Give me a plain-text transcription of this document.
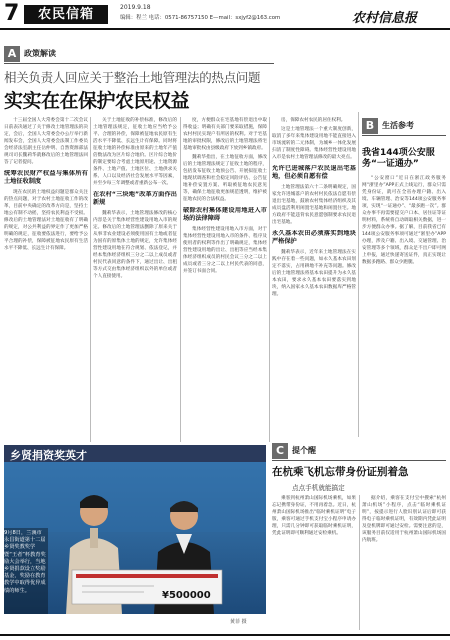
7	农民信箱	2019.9.18
编辑：程兰 电话：0571-86757150 E—mail：sxjyf2@163.com	农村信息报
A 政策解读
相关负责人回应关于整治土地管理法的热点问题
实实在在保护农民权益
十三届全国人大常委会第十二次会议日前表决通过了关于修改土地管理法的决定，会后，全国人大常委会办公厅举行新闻发布会，全国人大常委会法制工作委员会经济法室副主任岳仲明、自然资源部法规司司长魏莉华就修改后的土地管理法回答了记者提问。
统筹农民财产权益与集体所有土地征收制度
现在农民的土地权益问题是群众关注的热点问题，对于农村土地征收工作的改革，目前中央确定的改革方向是，坚持土地公有制不动摇，坚持农民利益不受损。修改后的土地管理法对土地征收有了明确的规定，对公共利益的界定作了更加严格明确的规定，征收要依法进行，要给予公平合理的补偿，保障被征地农民原有生活水平不降低、长远生计有保障。
关于土地征收的补偿标准，修改后的土地管理法规定，征收土地应当给予公平、合理的补偿，保障被征地农民原有生活水平不降低、长远生计有保障。同时将征收土地的补偿标准由原来的土地年产值倍数法改为区片综合地价。区片综合地价的制定要综合考虑土地原用途、土地资源条件、土地产值、土地区位、土地供求关系、人口以及经济社会发展水平等因素，并至少每三年调整或者重新公布一次。
在农村“三块地”改革方面作出新规
魏莉华表示，土地管理法修改的核心内容是关于集体经营性建设用地入市的规定。修改后的土地管理法删除了原来关于从事非农业建设必须使用国有土地或者征为国有的原集体土地的规定，允许集体经营性建设用地在符合规划、依法登记，并经本集体经济组织三分之二以上成员或者村民代表同意的条件下，通过出让、出租等方式交由集体经济组织以外的单位或者个人直接使用。
度，方便群众在宅基地有偿退出中取得收益；明确有关部门要采取措施，保障农村村民实现户有所居的权利。对于宅基地的审批权限，修改后的土地管理法将宅基地审批权由县级政府下放到乡镇政府。
魏莉华指出，在土地征收方面，修改后的土地管理法规定了征收土地的程序，包括发布征收土地预公告、开展拟征收土地现状调查和社会稳定风险评估、公告征地补偿安置方案、听取被征地农民意见等，确保土地征收更加规范透明，维护被征地农民的合法权益。
破除农村集体建设用地进入市场的法律障碍
集体经营性建设用地入市方面，对于集体经营性建设用地入市的条件、程序及使用者的权利等作出了明确规定，集体经营性建设用地的出让、出租等应当经本集体经济组织成员的村民会议三分之二以上成员或者三分之二以上村民代表的同意，并签订书面合同。
房，保障农村农民的居住权利。
这是土地管理法一个重大制度创新，取消了多年来集体建设用地不能直接进入市场流转的二元体制，为城乡一体化发展扫清了制度性障碍。集体经营性建设用地入市是农村土地管理法修改的最大亮点。
允许已进城落户农民退出宅基地，但必须自愿有偿
土地管理法第六十二条明确规定，国家允许进城落户的农村村民依法自愿有偿退出宅基地，鼓励农村集体经济组织及其成员盘活利用闲置宅基地和闲置住宅。地方政府不能违背农民意愿强制要求农民退出宅基地。
永久基本农田必须落实到地块严格保护
魏莉华表示，近年来土地管理法在实践中存在着一些问题，如永久基本农田划定不落实，占用耕地不补充等问题。修改后的土地管理法将基本农田提升为永久基本农田，要求永久基本农田要落实到地块，纳入国家永久基本农田数据库严格管理。
B 生活参考
我省144项公安服务“一证通办”
“公安窗口”近日在浙江政务服务网“浙里办”APP正式上线运行，群众只需凭身份证，就可在全省办理户籍、出入境、车辆管理、治安等144项公安服务事项，实现“一证通办”、“最多跑一次”。群众办事不再需要提交户口本、居住证等证明材料，系统将自动调取相关数据，进一步方便群众办事。据了解，目前我省已有144项公安服务事项可通过“浙里办”APP办理，涉及户籍、出入境、交通管理、治安管理等多个领域，群众足不出户即可网上申报，通过快递寄送证件，真正实现让数据多跑路、群众少跑腿。
C 提个醒
在杭乘飞机忘带身份证别着急
点点手机就能搞定
乘客到杭州萧山国际机场乘机，如果忘记携带身份证，不用再着急。近日，杭州萧山国际机场推出“临时乘机证明”电子版，乘客可通过手机支付宝小程序申请办理，只需几分钟即可获取临时乘机证明，凭此证明即可顺利通过安检乘机。
据介绍，乘客在支付宝中搜索“杭州萧山机场”小程序，点击“临时乘机证明”，按提示进行人脸识别认证后即可获得电子临时乘机证明，有效期内凭此证明及登机牌即可通过安检。需要注意的是，该服务目前仅适用于杭州萧山国际机场国内航班。
¥500000
乡贤捐资奖英才
9月8日，兰溪市永昌街道第十二届乡贤奖教奖学暨“王者”杯教育奖励大会举行，当地乡贤捐款设立奖励基金，奖励在教育教学中取得优异成绩的师生。
黄菲 摄
